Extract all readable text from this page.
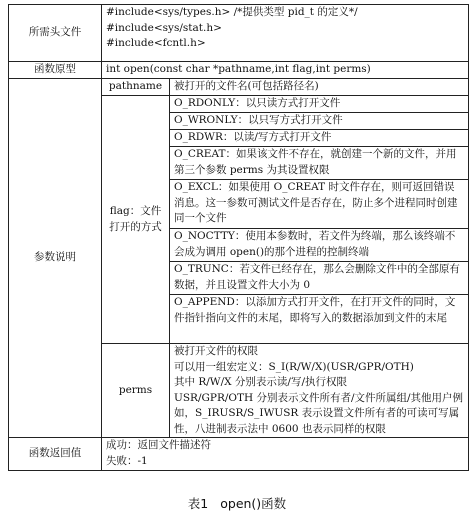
所需头文件	#include<sys/types.h> /*提供类型 pid_t 的定义*/
#include<sys/stat.h>
#include<fcntl.h>	

函数原型	int open(const char *pathname,int flag,int perms)	
参数说明	pathname	被打开的文件名(可包括路径名)
	flag：文件打开的方式	O_RDONLY：以只读方式打开文件
		O_WRONLY：以只写方式打开文件
		O_RDWR：以读/写方式打开文件
		O_CREAT：如果该文件不存在，就创建一个新的文件，并用第三个参数 perms 为其设置权限
		O_EXCL：如果使用 O_CREAT 时文件存在，则可返回错误消息。这一参数可测试文件是否存在，防止多个进程同时创建同一个文件
		O_NOCTTY：使用本参数时，若文件为终端，那么该终端不会成为调用 open()的那个进程的控制终端
		O_TRUNC：若文件已经存在，那么会删除文件中的全部原有数据，并且设置文件大小为 0
		O_APPEND：以添加方式打开文件，在打开文件的同时，文件指针指向文件的末尾，即将写入的数据添加到文件的末尾
	perms	被打开文件的权限
可以用一组宏定义：S_I(R/W/X)(USR/GPR/OTH)
其中 R/W/X 分别表示读/写/执行权限
USR/GPR/OTH 分别表示文件所有者/文件所属组/其他用户例如，S_IRUSR/S_IWUSR 表示设置文件所有者的可读可写属性，八进制表示法中 0600 也表示同样的权限

函数返回值	成功：返回文件描述符
失败：-1	
表1 open()函数
